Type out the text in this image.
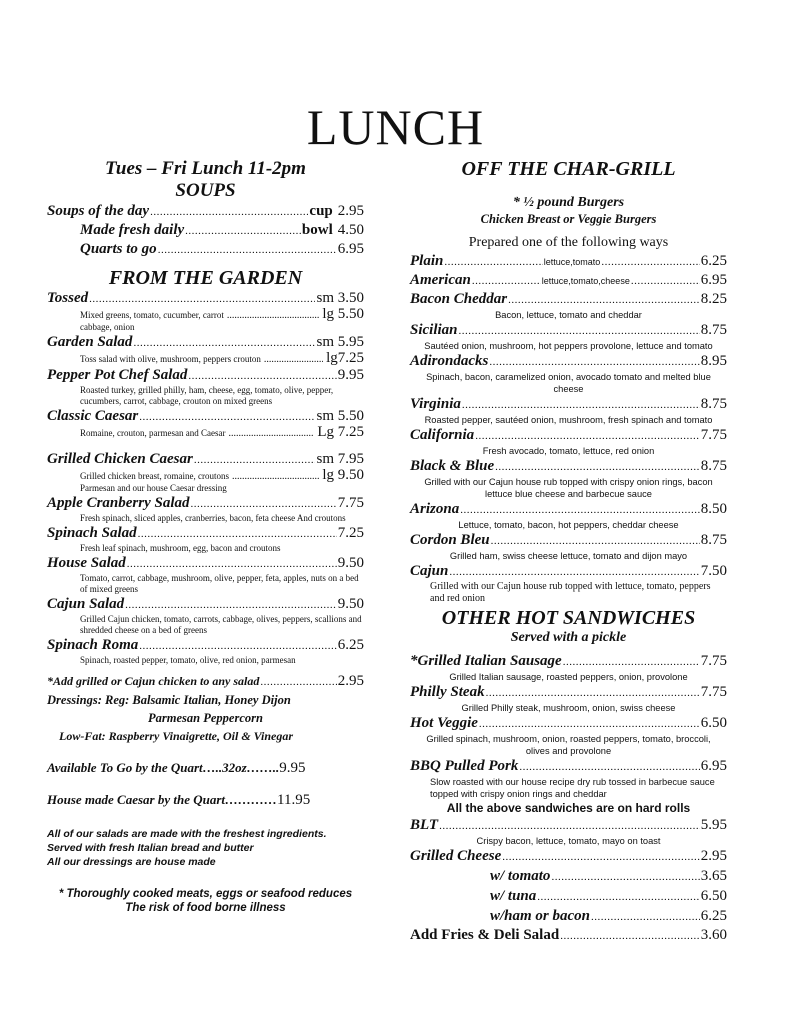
LUNCH
Tues – Fri Lunch 11-2pm
SOUPS
Soups of the day .....	cup 2.95
Made fresh daily .....	bowl 4.50
Quarts to go .....	6.95
FROM THE GARDEN
Tossed .....	sm 3.50
Mixed greens, tomato, cucumber, carrot .....	lg 5.50
cabbage, onion
Garden Salad .....	sm 5.95
Toss salad with olive, mushroom, peppers crouton .....	lg7.25
Pepper Pot Chef Salad .....	9.95
Roasted turkey, grilled philly, ham, cheese, egg, tomato, olive, pepper, cucumbers, carrot, cabbage, crouton on mixed greens
Classic Caesar .....	sm 5.50
Romaine, crouton, parmesan and Caesar .....	Lg 7.25
Grilled Chicken Caesar .....	sm 7.95
Grilled chicken breast, romaine, croutons .....	lg 9.50
Parmesan and our house Caesar dressing
Apple Cranberry Salad .....	7.75
Fresh spinach, sliced apples, cranberries, bacon, feta cheese And croutons
Spinach Salad .....	7.25
Fresh leaf spinach, mushroom, egg, bacon and croutons
House Salad .....	9.50
Tomato, carrot, cabbage, mushroom, olive, pepper, feta, apples, nuts on a bed of mixed greens
Cajun Salad .....	9.50
Grilled Cajun chicken, tomato, carrots, cabbage, olives, peppers, scallions and shredded cheese on a bed of greens
Spinach Roma .....	6.25
Spinach, roasted pepper, tomato, olive, red onion, parmesan
*Add grilled or Cajun chicken to any salad .....	2.95
Dressings: Reg: Balsamic Italian, Honey Dijon
Parmesan Peppercorn
Low-Fat: Raspberry Vinaigrette, Oil & Vinegar
Available To Go by the Quart…..32oz……..9.95
House made Caesar by the Quart…………11.95
All of our salads are made with the freshest ingredients.
Served with fresh Italian bread and butter
All our dressings are house made
* Thoroughly cooked meats, eggs or seafood reduces
The risk of food borne illness
OFF THE CHAR-GRILL
* ½ pound Burgers
Chicken Breast or Veggie Burgers
Prepared one of the following ways
Plain .....	lettuce,tomato .....	6.25
American .....	lettuce,tomato,cheese .....	6.95
Bacon Cheddar .....	8.25
Bacon, lettuce, tomato and cheddar
Sicilian .....	8.75
Sautéed onion, mushroom, hot peppers provolone, lettuce and tomato
Adirondacks .....	8.95
Spinach, bacon, caramelized onion, avocado tomato and melted blue cheese
Virginia .....	8.75
Roasted pepper, sautéed onion, mushroom, fresh spinach and tomato
California .....	7.75
Fresh avocado, tomato, lettuce, red onion
Black & Blue .....	8.75
Grilled with our Cajun house rub topped with crispy onion rings, bacon lettuce blue cheese and barbecue sauce
Arizona .....	8.50
Lettuce, tomato, bacon, hot peppers, cheddar cheese
Cordon Bleu .....	8.75
Grilled ham, swiss cheese lettuce, tomato and dijon mayo
Cajun .....	7.50
Grilled with our Cajun house rub topped with lettuce, tomato, peppers and red onion
OTHER HOT SANDWICHES
Served with a pickle
*Grilled Italian Sausage .....	7.75
Grilled Italian sausage, roasted peppers, onion, provolone
Philly Steak .....	7.75
Grilled Philly steak, mushroom, onion, swiss cheese
Hot Veggie .....	6.50
Grilled spinach, mushroom, onion, roasted peppers, tomato, broccoli, olives and provolone
BBQ Pulled Pork .....	6.95
Slow roasted with our house recipe dry rub tossed in barbecue sauce topped with crispy onion rings and cheddar
All the above sandwiches are on hard rolls
BLT .....	5.95
Crispy bacon, lettuce, tomato, mayo on toast
Grilled Cheese .....	2.95
w/ tomato .....	3.65
w/ tuna .....	6.50
w/ham or bacon .....	6.25
Add Fries & Deli Salad .....	3.60
